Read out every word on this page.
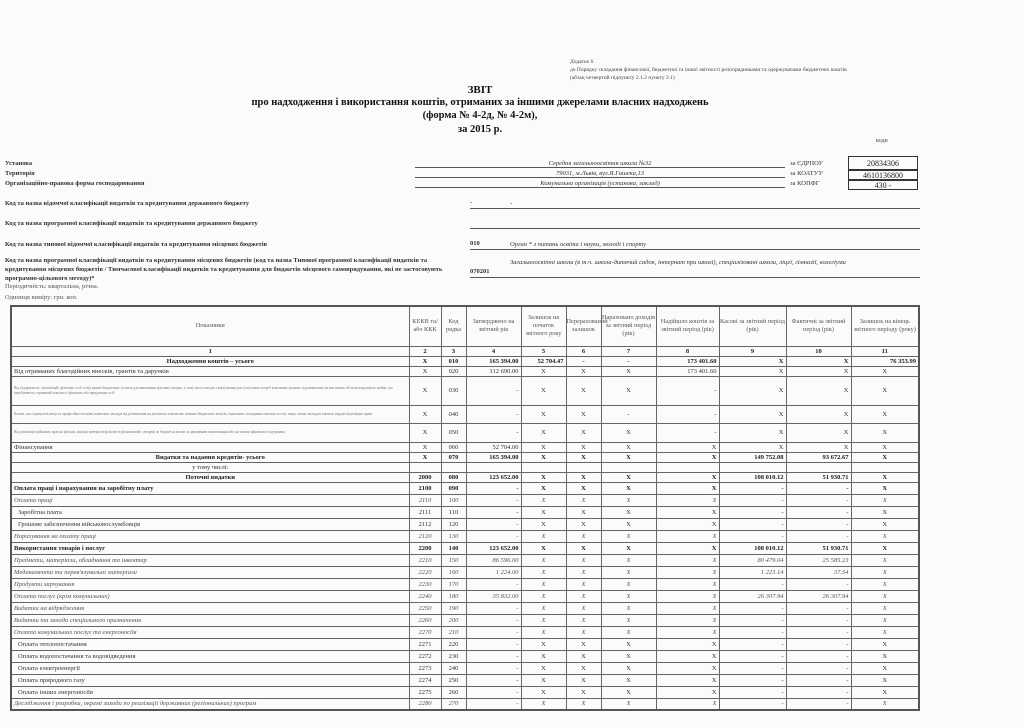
Додаток 6
до Порядку складання фінансової, бюджетної та іншої звітності розпорядниками та одержувачами бюджетних коштів
(абзац четвертий підпункту 2.1.2 пункту 2.1)
ЗВІТ
про надходження і використання коштів, отриманих за іншими джерелами власних надходжень
(форма № 4-2д, № 4-2м),
за 2015 р.
коди
Установа	Середня загальноосвітня школа №32	за ЄДРПОУ	20834306
Територія	79031, м.Львів, вул.Я.Гашека,13	за КОАТУУ	4610136800
Організаційно-правова форма господарювання	Комунальна організація (установа, заклад)	за КОПФГ	430 -
Код та назва відомчої класифікації видатків та кредитування державного бюджету	-	-
Код та назва програмної класифікації видатків та кредитування державного бюджету
Код та назва типової відомчої класифікації видатків та кредитування місцевих бюджетів	010	Орган * з питань освіти і науки, молоді і спорту
Код та назва програмної класифікації видатків та кредитування місцевих бюджетів (код та назва Типової програмної класифікації видатків та кредитування місцевих бюджетів / Тимчасової класифікації видатків та кредитування для бюджетів місцевого самоврядування, які не застосовують програмно-цільового методу)*
070201
Загальноосвітні школи (в т.ч. школа-дитячий садок, інтернат при школі), спеціалізовані школи, ліцеї, гімназії, колегіуми
Періодичність: квартальна, річна.
Одиниця виміру: грн. коп.
Показники	КЕКВ та/або ККК	Код рядка	Затверджено на звітний рік	Залишок на початок звітного року	Перерахований залишок	Нараховано доходів за звітний період (рік)	Надійшло коштів за звітний період (рік)	Касові за звітний період (рік)	Фактичні за звітний період (рік)	Залишок на кінець звітного періоду (року)
1	2	3	4	5	6	7	8	9	10	11
Надходження коштів – усього	X	010	165 394.00	52 704.47	-	-	173 401.60	X	X	76 353.99
Від отриманих благодійних внесків, грантів та дарунків	X	020	112 690.00	X	X	X	173 401.60	X	X	X
Від підприємств, організацій, фізичних осіб та від інших бюджетних установ для виконання цільових заходів, у тому числі заходів з відчуження для суспільних потреб земельних ділянок та розміщених на них інших об'єктів нерухомого майна, що перебувають у приватній власності фізичних або юридичних осіб	X	030	-	X	X	X	-	X	X	X
Кошти, що отримують вищі та професійно-технічні навчальні заклади від розміщення на депозитах тимчасово вільних бюджетних коштів, отриманих за надання платних послуг, якщо таким закладам законом надано відповідне право	X	040	-	X	X	-	-	X	X	X
Від реалізації майнових прав на фільми, кінодні матеріали фільмів та фільмокопій, створені за бюджетні кошти за державним замовленням або на умовах фінансової підтримки	X	050	-	X	X	X	-	X	X	X
Фінансування	X	060	52 704.00	X	X	X	X	X	X	X
Видатки та надання кредитів- усього	X	070	165 394.00	X	X	X	X	149 752.08	93 672.67	X
у тому числі:										
Поточні видатки	2000	080	123 652.00	X	X	X	X	108 010.12	51 930.71	X
Оплата праці і нарахування на заробітну плату	2100	090	-	X	X	X	X	-	-	X
Оплата праці	2110	100	-	X	X	X	X	-	-	X
Заробітна плата	2111	110	-	X	X	X	X	-	-	X
Грошове забезпечення військовослужбовців	2112	120	-	X	X	X	X	-	-	X
Нарахування на оплату праці	2120	130	-	X	X	X	X	-	-	X
Використання товарів і послуг	2200	140	123 652.00	X	X	X	X	108 010.12	51 930.71	X
Предмети, матеріали, обладнання та інвентар	2210	150	86 596.00	X	X	X	X	80 479.04	25 585.23	X
Медикаменти та перев'язувальні матеріали	2220	160	1 224.00	X	X	X	X	1 223.14	37.54	X
Продукти харчування	2230	170	-	X	X	X	X	-	-	X
Оплата послуг (крім комунальних)	2240	180	35 832.00	X	X	X	X	26 307.94	26 307.94	X
Видатки на відрядження	2250	190	-	X	X	X	X	-	-	X
Видатки та заходи спеціального призначення	2260	200	-	X	X	X	X	-	-	X
Оплата комунальних послуг та енергоносіїв	2270	210	-	X	X	X	X	-	-	X
Оплата теплопостачання	2271	220	-	X	X	X	X	-	-	X
Оплата водопостачання та водовідведення	2272	230	-	X	X	X	X	-	-	X
Оплата електроенергії	2273	240	-	X	X	X	X	-	-	X
Оплата природного газу	2274	250	-	X	X	X	X	-	-	X
Оплата інших енергоносіїв	2275	260	-	X	X	X	X	-	-	X
Дослідження і розробки, окремі заходи по реалізації державних (регіональних) програм	2280	270	-	X	X	X	X	-	-	X
